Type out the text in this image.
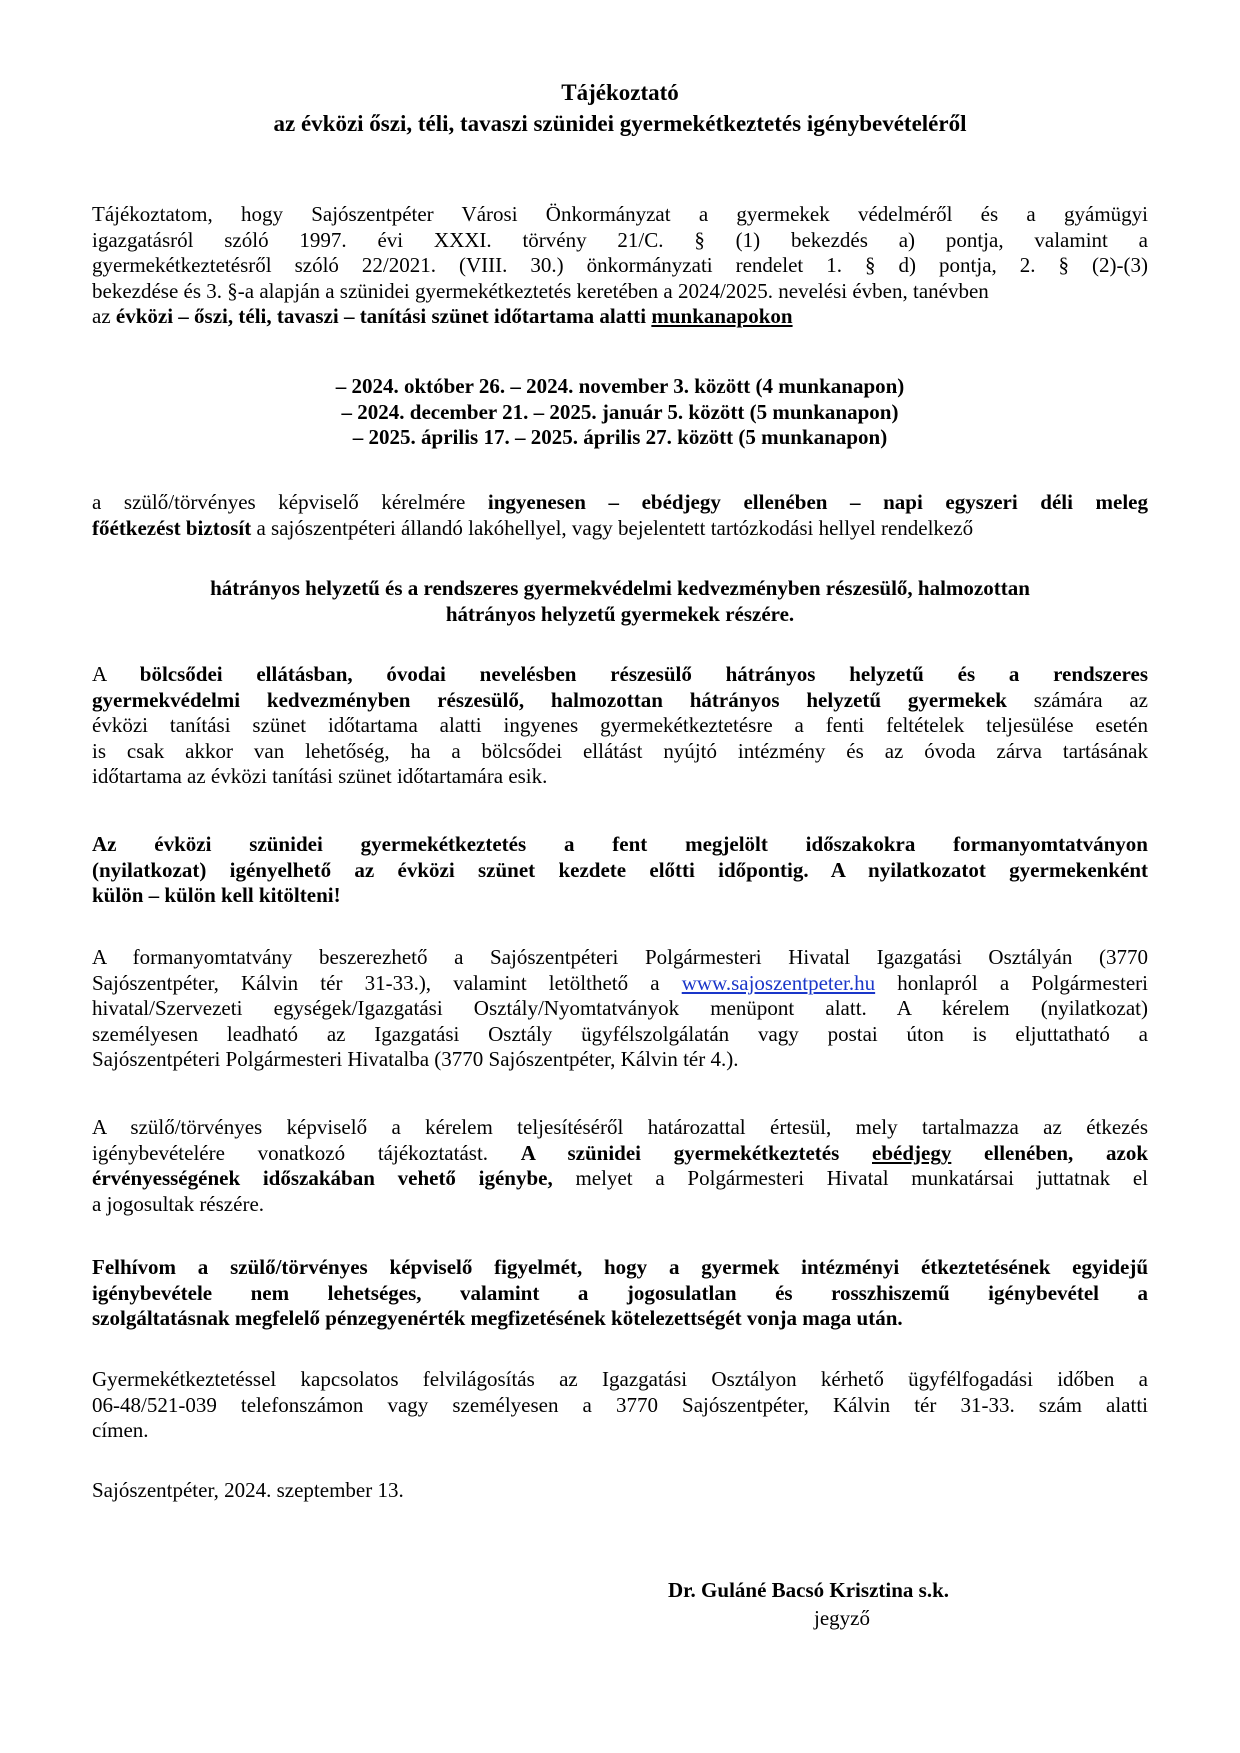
Tájékoztató
az évközi őszi, téli, tavaszi szünidei gyermekétkeztetés igénybevételéről
Tájékoztatom, hogy Sajószentpéter Városi Önkormányzat a gyermekek védelméről és a gyámügyi
igazgatásról szóló 1997. évi XXXI. törvény 21/C. § (1) bekezdés a) pontja, valamint a
gyermekétkeztetésről szóló 22/2021. (VIII. 30.) önkormányzati rendelet 1. § d) pontja, 2. § (2)-(3)
bekezdése és 3. §-a alapján a szünidei gyermekétkeztetés keretében a 2024/2025. nevelési évben, tanévben
az évközi – őszi, téli, tavaszi – tanítási szünet időtartama alatti munkanapokon
– 2024. október 26. – 2024. november 3. között (4 munkanapon)
– 2024. december 21. – 2025. január 5. között (5 munkanapon)
– 2025. április 17. – 2025. április 27. között (5 munkanapon)
a szülő/törvényes képviselő kérelmére ingyenesen – ebédjegy ellenében – napi egyszeri déli meleg
főétkezést biztosít a sajószentpéteri állandó lakóhellyel, vagy bejelentett tartózkodási hellyel rendelkező
hátrányos helyzetű és a rendszeres gyermekvédelmi kedvezményben részesülő, halmozottan
hátrányos helyzetű gyermekek részére.
A bölcsődei ellátásban, óvodai nevelésben részesülő hátrányos helyzetű és a rendszeres
gyermekvédelmi kedvezményben részesülő, halmozottan hátrányos helyzetű gyermekek számára az
évközi tanítási szünet időtartama alatti ingyenes gyermekétkeztetésre a fenti feltételek teljesülése esetén
is csak akkor van lehetőség, ha a bölcsődei ellátást nyújtó intézmény és az óvoda zárva tartásának
időtartama az évközi tanítási szünet időtartamára esik.
Az évközi szünidei gyermekétkeztetés a fent megjelölt időszakokra formanyomtatványon
(nyilatkozat) igényelhető az évközi szünet kezdete előtti időpontig. A nyilatkozatot gyermekenként
külön – külön kell kitölteni!
A formanyomtatvány beszerezhető a Sajószentpéteri Polgármesteri Hivatal Igazgatási Osztályán (3770
Sajószentpéter, Kálvin tér 31-33.), valamint letölthető a www.sajoszentpeter.hu honlapról a Polgármesteri
hivatal/Szervezeti egységek/Igazgatási Osztály/Nyomtatványok menüpont alatt. A kérelem (nyilatkozat)
személyesen leadható az Igazgatási Osztály ügyfélszolgálatán vagy postai úton is eljuttatható a
Sajószentpéteri Polgármesteri Hivatalba (3770 Sajószentpéter, Kálvin tér 4.).
A szülő/törvényes képviselő a kérelem teljesítéséről határozattal értesül, mely tartalmazza az étkezés
igénybevételére vonatkozó tájékoztatást. A szünidei gyermekétkeztetés ebédjegy ellenében, azok
érvényességének időszakában vehető igénybe, melyet a Polgármesteri Hivatal munkatársai juttatnak el
a jogosultak részére.
Felhívom a szülő/törvényes képviselő figyelmét, hogy a gyermek intézményi étkeztetésének egyidejű
igénybevétele nem lehetséges, valamint a jogosulatlan és rosszhiszemű igénybevétel a
szolgáltatásnak megfelelő pénzegyenérték megfizetésének kötelezettségét vonja maga után.
Gyermekétkeztetéssel kapcsolatos felvilágosítás az Igazgatási Osztályon kérhető ügyfélfogadási időben a
06-48/521-039 telefonszámon vagy személyesen a 3770 Sajószentpéter, Kálvin tér 31-33. szám alatti
címen.
Sajószentpéter, 2024. szeptember 13.
Dr. Guláné Bacsó Krisztina s.k.
jegyző
